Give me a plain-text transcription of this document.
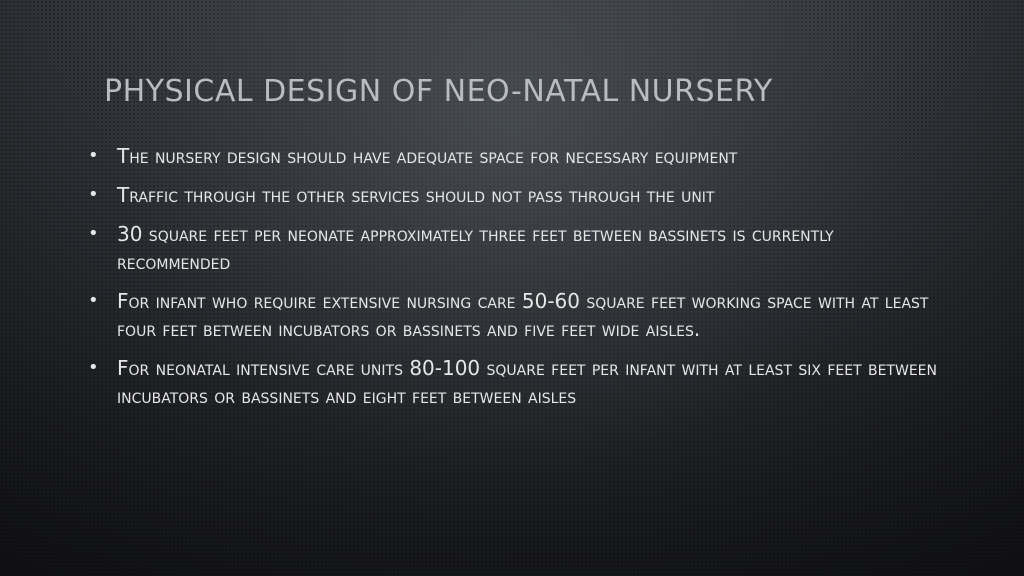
PHYSICAL DESIGN OF NEO-NATAL NURSERY
• The nursery design should have adequate space for necessary equipment
• Traffic through the other services should not pass through the unit
• 30 square feet per neonate approximately three feet between bassinets is currently recommended
• For infant who require extensive nursing care 50-60 square feet working space with at least four feet between incubators or bassinets and five feet wide aisles.
• For neonatal intensive care units 80-100 square feet per infant with at least six feet between incubators or bassinets and eight feet between aisles
